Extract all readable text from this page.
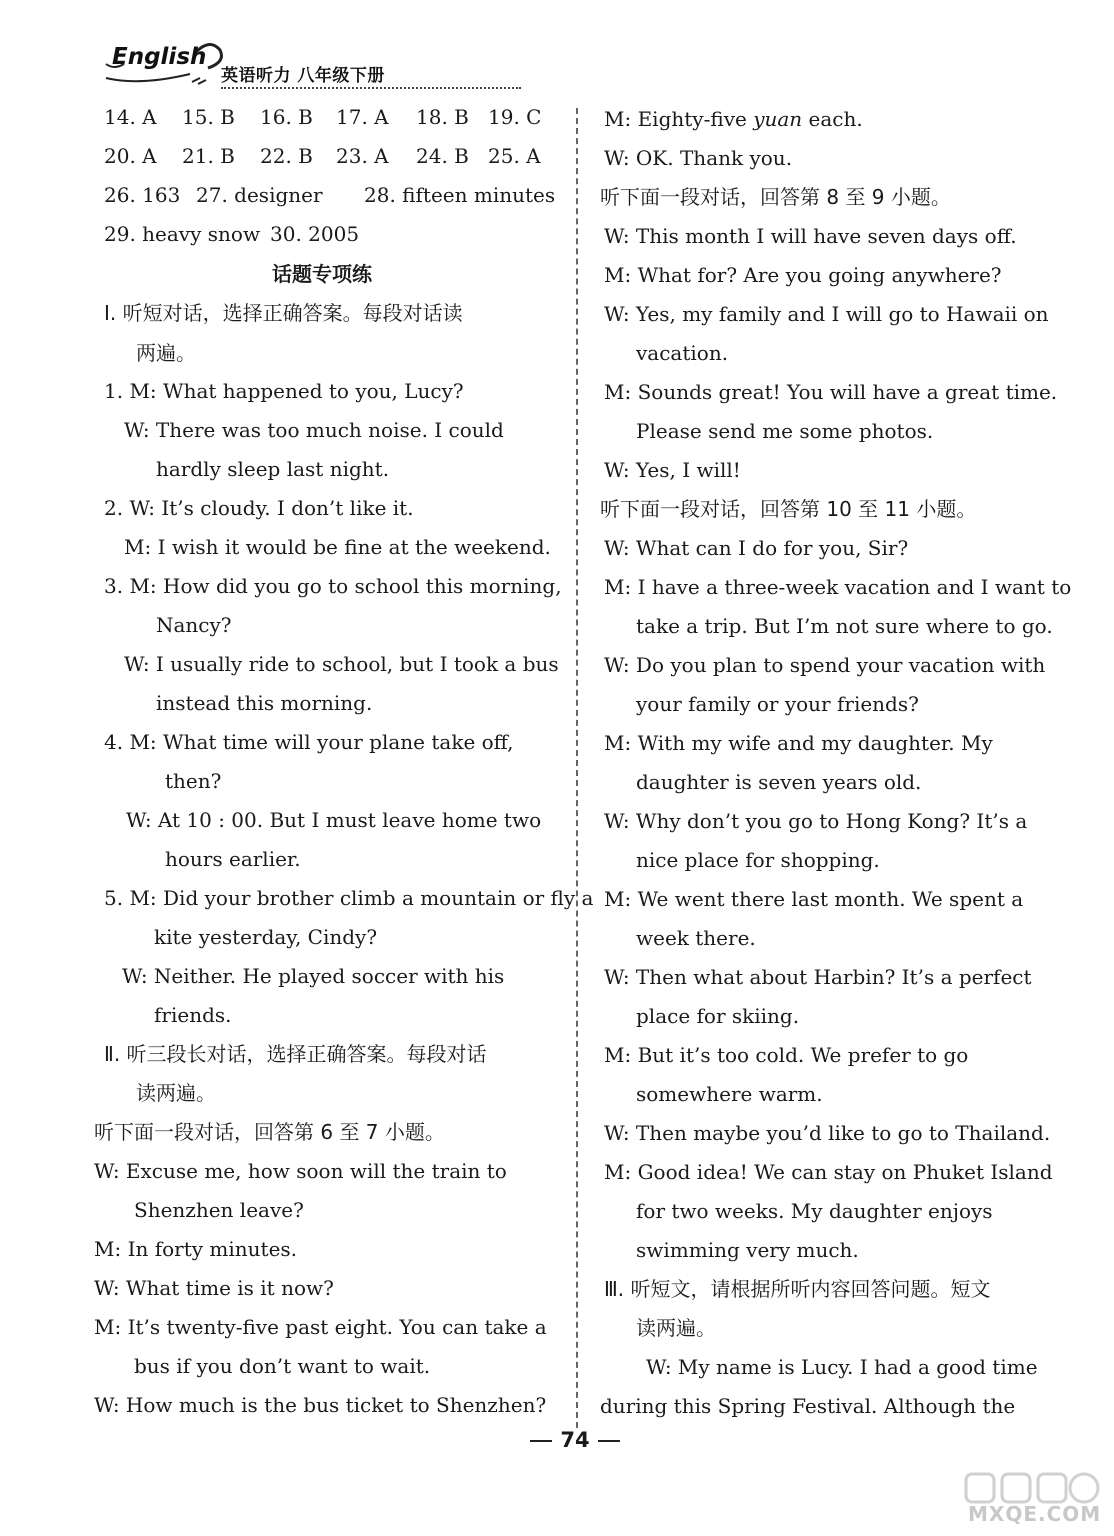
English
英语听力 八年级下册
14. A 15. B 16. B 17. A 18. B 19. C
20. A 21. B 22. B 23. A 24. B 25. A
26. 163 27. designer 28. fifteen minutes
29. heavy snow 30. 2005
话题专项练
Ⅰ. 听短对话，选择正确答案。每段对话读
两遍。
1. M: What happened to you, Lucy?
W: There was too much noise. I could
hardly sleep last night.
2. W: It’s cloudy. I don’t like it.
M: I wish it would be fine at the weekend.
3. M: How did you go to school this morning,
Nancy?
W: I usually ride to school, but I took a bus
instead this morning.
4. M: What time will your plane take off,
then?
W: At 10 : 00. But I must leave home two
hours earlier.
5. M: Did your brother climb a mountain or fly a
kite yesterday, Cindy?
W: Neither. He played soccer with his
friends.
Ⅱ. 听三段长对话，选择正确答案。每段对话
读两遍。
听下面一段对话，回答第 6 至 7 小题。
W: Excuse me, how soon will the train to
Shenzhen leave?
M: In forty minutes.
W: What time is it now?
M: It’s twenty-five past eight. You can take a
bus if you don’t want to wait.
W: How much is the bus ticket to Shenzhen?
M: Eighty-five yuan each.
W: OK. Thank you.
听下面一段对话，回答第 8 至 9 小题。
W: This month I will have seven days off.
M: What for? Are you going anywhere?
W: Yes, my family and I will go to Hawaii on
vacation.
M: Sounds great! You will have a great time.
Please send me some photos.
W: Yes, I will!
听下面一段对话，回答第 10 至 11 小题。
W: What can I do for you, Sir?
M: I have a three-week vacation and I want to
take a trip. But I’m not sure where to go.
W: Do you plan to spend your vacation with
your family or your friends?
M: With my wife and my daughter. My
daughter is seven years old.
W: Why don’t you go to Hong Kong? It’s a
nice place for shopping.
M: We went there last month. We spent a
week there.
W: Then what about Harbin? It’s a perfect
place for skiing.
M: But it’s too cold. We prefer to go
somewhere warm.
W: Then maybe you’d like to go to Thailand.
M: Good idea! We can stay on Phuket Island
for two weeks. My daughter enjoys
swimming very much.
Ⅲ. 听短文，请根据所听内容回答问题。短文
读两遍。
W: My name is Lucy. I had a good time
during this Spring Festival. Although the
74
MXQE.COM
